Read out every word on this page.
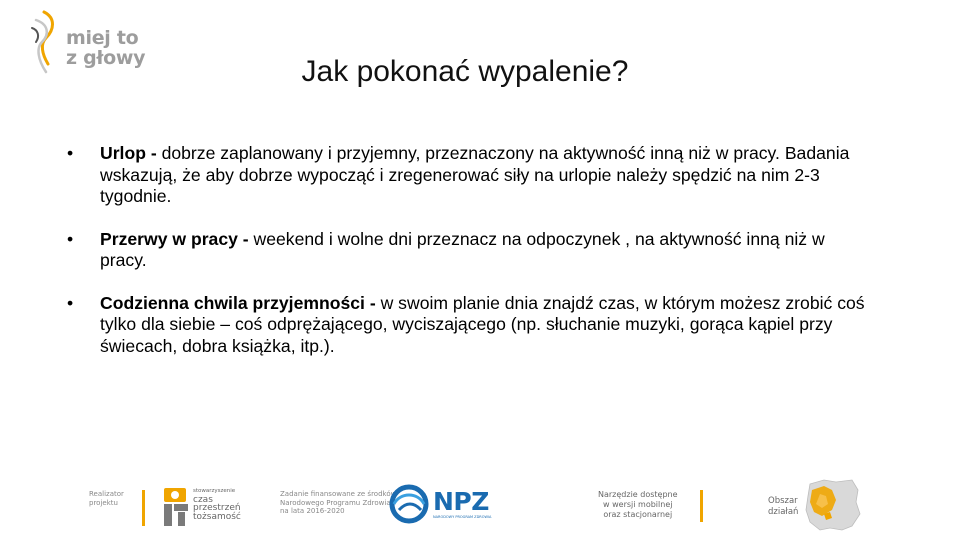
miej to
z głowy	Jak pokonać wypalenie?
• Urlop - dobrze zaplanowany i przyjemny, przeznaczony na aktywność inną niż w pracy. Badania wskazują, że aby dobrze wypocząć i zregenerować siły na urlopie należy spędzić na nim 2-3 tygodnie.
• Przerwy w pracy - weekend i wolne dni przeznacz na odpoczynek , na aktywność inną niż w pracy.
• Codzienna chwila przyjemności - w swoim planie dnia znajdź czas, w którym możesz zrobić coś tylko dla siebie – coś odprężającego, wyciszającego (np. słuchanie muzyki, gorąca kąpiel przy świecach, dobra książka, itp.).
Realizator
projektu
stowarzyszenie
czas
przestrzeń
tożsamość
Zadanie finansowane ze środków
Narodowego Programu Zdrowia
na lata 2016-2020	NPZ
NARODOWY PROGRAM ZDROWIA
Narzędzie dostępne
w wersji mobilnej
oraz stacjonarnej
Obszar
działań
